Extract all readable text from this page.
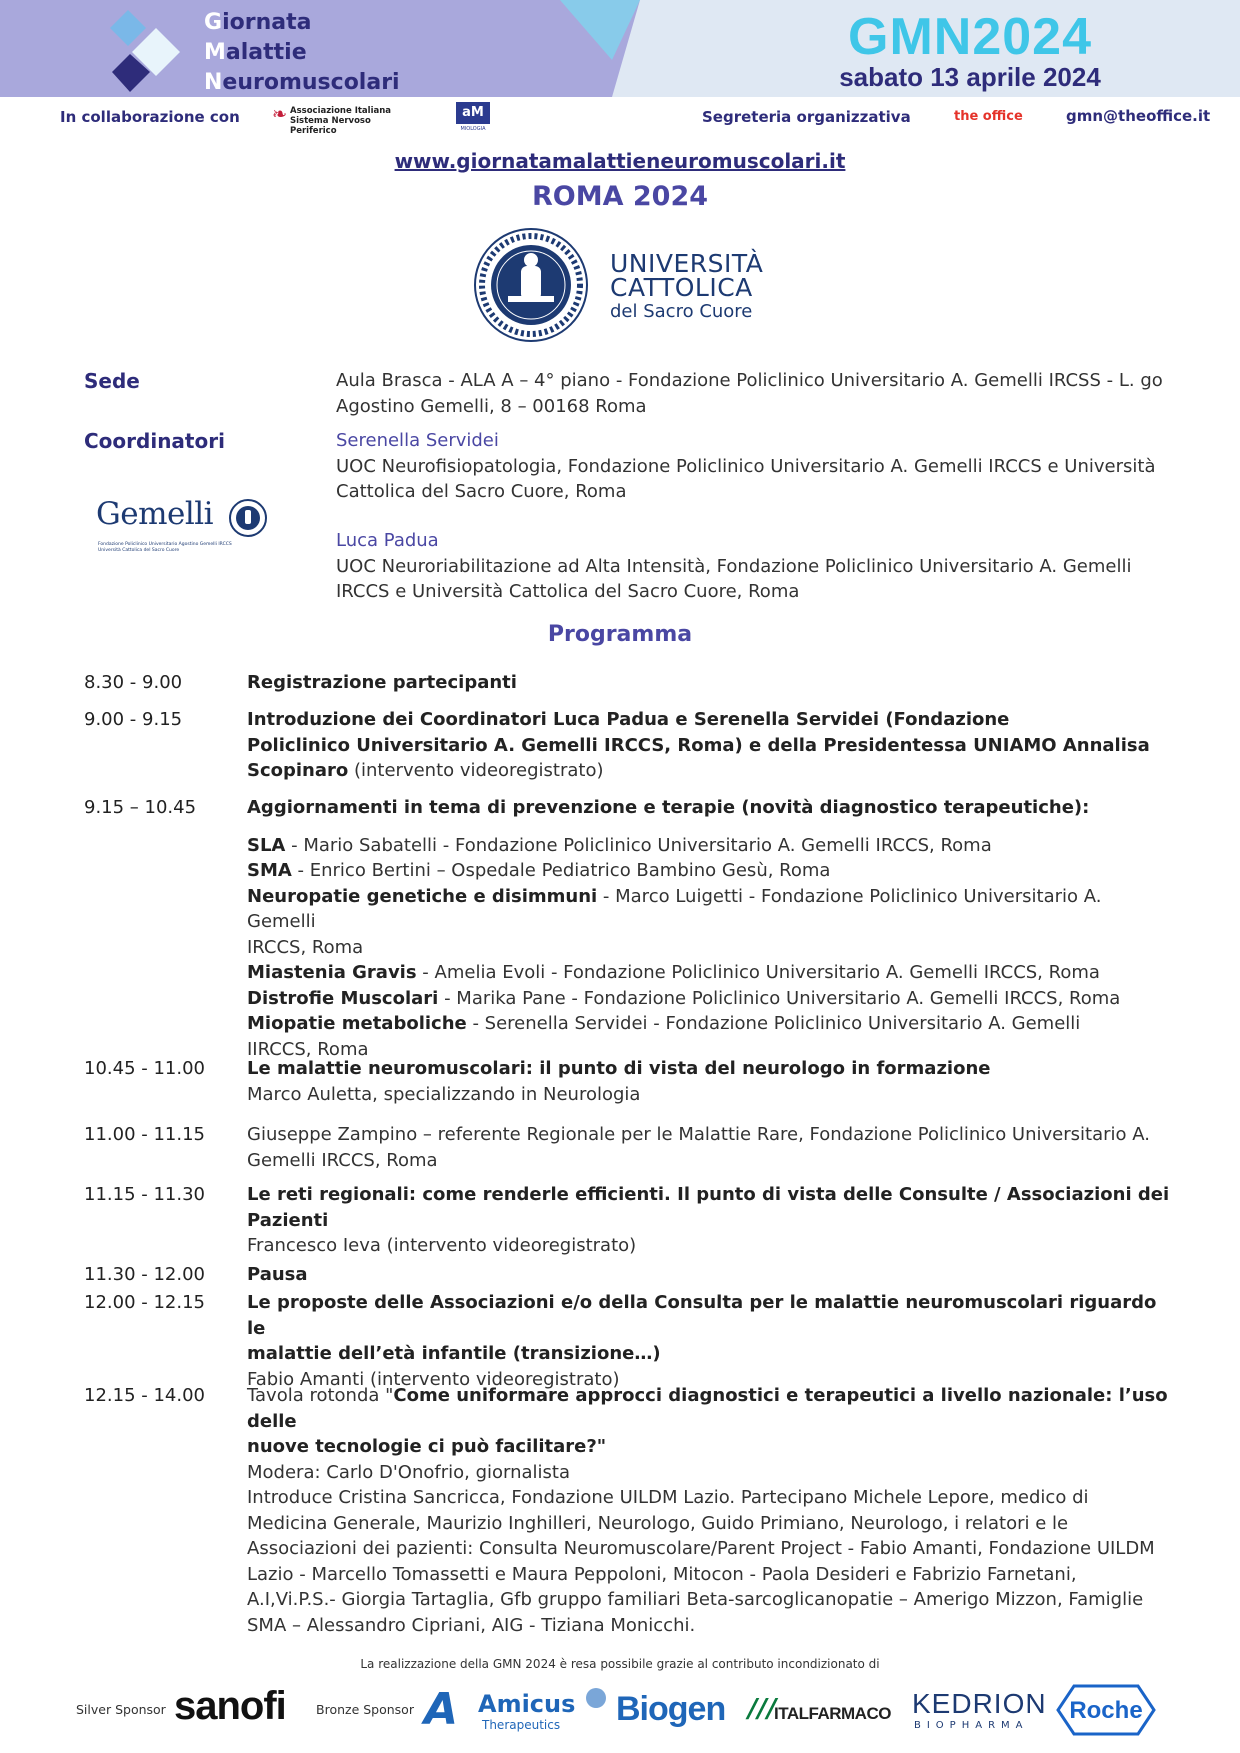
Giornata
Malattie
Neuromuscolari
GMN2024
sabato 13 aprile 2024
In collaborazione con ❧ Associazione Italiana
Sistema Nervoso Periferico
aM
MIOLOGIA
Segreteria organizzativa	the office	gmn@theoffice.it
www.giornatamalattieneuromuscolari.it
ROMA 2024
UNIVERSITÀ
CATTOLICA
del Sacro Cuore
Sede	Aula Brasca - ALA A – 4° piano - Fondazione Policlinico Universitario A. Gemelli IRCSS - L. go
Agostino Gemelli, 8 – 00168 Roma
Coordinatori	Serenella Servidei
UOC Neurofisiopatologia, Fondazione Policlinico Universitario A. Gemelli IRCCS e Università
Cattolica del Sacro Cuore, Roma
Luca Padua
UOC Neuroriabilitazione ad Alta Intensità, Fondazione Policlinico Universitario A. Gemelli
IRCCS e Università Cattolica del Sacro Cuore, Roma
Gemelli
Fondazione Policlinico Universitario Agostino Gemelli IRCCS
Università Cattolica del Sacro Cuore
Programma
8.30 - 9.00	Registrazione partecipanti
9.00 - 9.15	Introduzione dei Coordinatori Luca Padua e Serenella Servidei (Fondazione
Policlinico Universitario A. Gemelli IRCCS, Roma) e della Presidentessa UNIAMO Annalisa
Scopinaro (intervento videoregistrato)
9.15 – 10.45	Aggiornamenti in tema di prevenzione e terapie (novità diagnostico terapeutiche):
SLA - Mario Sabatelli - Fondazione Policlinico Universitario A. Gemelli IRCCS, Roma
SMA - Enrico Bertini – Ospedale Pediatrico Bambino Gesù, Roma
Neuropatie genetiche e disimmuni - Marco Luigetti - Fondazione Policlinico Universitario A. Gemelli
IRCCS, Roma
Miastenia Gravis - Amelia Evoli - Fondazione Policlinico Universitario A. Gemelli IRCCS, Roma
Distrofie Muscolari - Marika Pane - Fondazione Policlinico Universitario A. Gemelli IRCCS, Roma
Miopatie metaboliche - Serenella Servidei - Fondazione Policlinico Universitario A. Gemelli
IIRCCS, Roma
10.45 - 11.00	Le malattie neuromuscolari: il punto di vista del neurologo in formazione
Marco Auletta, specializzando in Neurologia
11.00 - 11.15	Giuseppe Zampino – referente Regionale per le Malattie Rare, Fondazione Policlinico Universitario A.
Gemelli IRCCS, Roma
11.15 - 11.30	Le reti regionali: come renderle efficienti. Il punto di vista delle Consulte / Associazioni dei
Pazienti
Francesco Ieva (intervento videoregistrato)
11.30 - 12.00	Pausa
12.00 - 12.15	Le proposte delle Associazioni e/o della Consulta per le malattie neuromuscolari riguardo le
malattie dell’età infantile (transizione…)
Fabio Amanti (intervento videoregistrato)
12.15 - 14.00	Tavola rotonda "Come uniformare approcci diagnostici e terapeutici a livello nazionale: l’uso delle
nuove tecnologie ci può facilitare?"
Modera: Carlo D'Onofrio, giornalista
Introduce Cristina Sancricca, Fondazione UILDM Lazio. Partecipano Michele Lepore, medico di
Medicina Generale, Maurizio Inghilleri, Neurologo, Guido Primiano, Neurologo, i relatori e le
Associazioni dei pazienti: Consulta Neuromuscolare/Parent Project - Fabio Amanti, Fondazione UILDM
Lazio - Marcello Tomassetti e Maura Peppoloni, Mitocon - Paola Desideri e Fabrizio Farnetani,
A.I,Vi.P.S.- Giorgia Tartaglia, Gfb gruppo familiari Beta-sarcoglicanopatie – Amerigo Mizzon, Famiglie
SMA – Alessandro Cipriani, AIG - Tiziana Monicchi.
La realizzazione della GMN 2024 è resa possibile grazie al contributo incondizionato di
Silver Sponsor sanofi Bronze Sponsor A Amicus
Therapeutics Biogen ///
ITALFARMACO KEDRION
BIOPHARMA
Roche
